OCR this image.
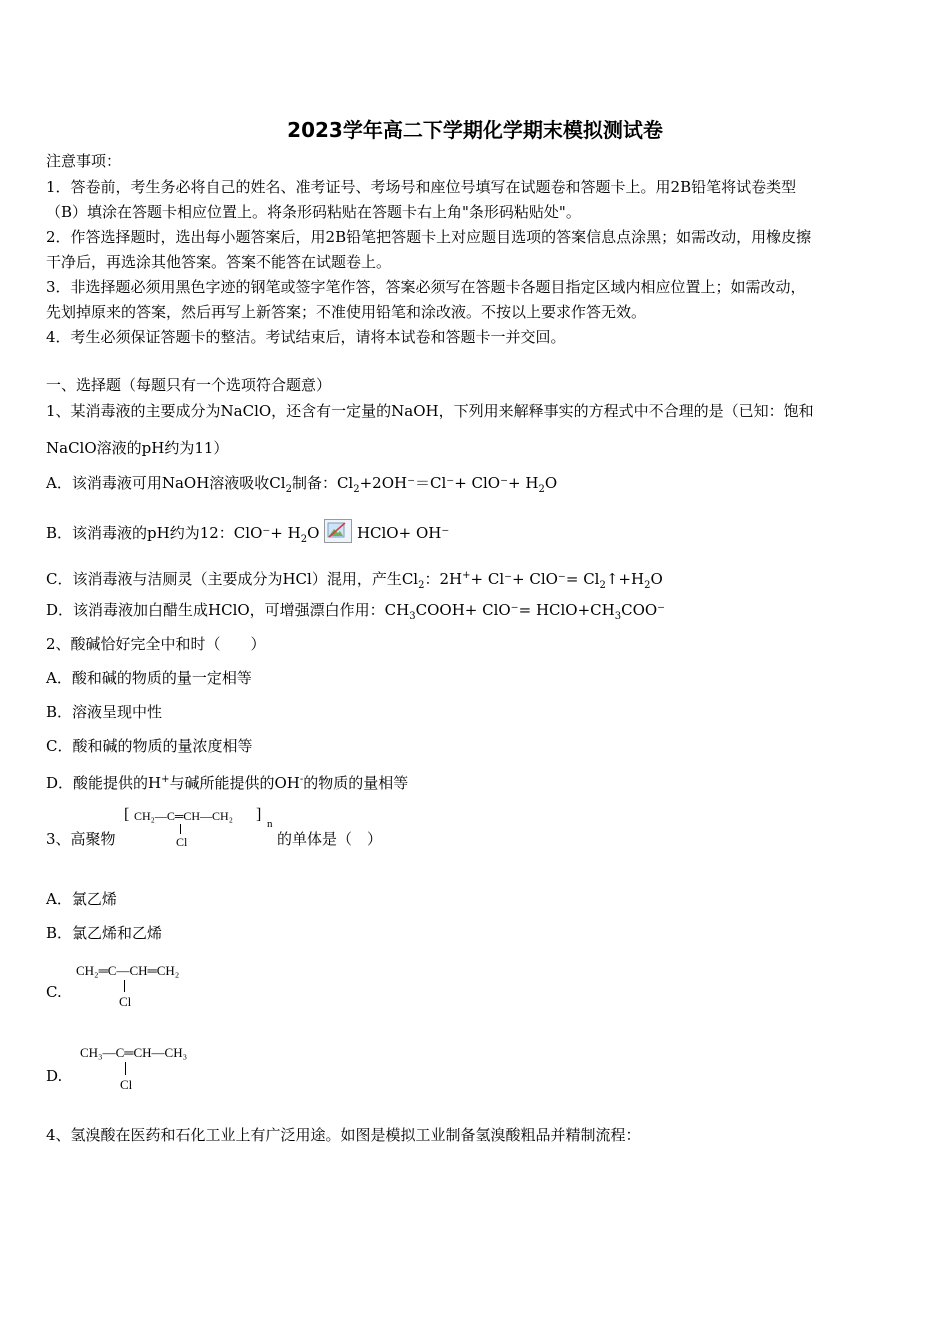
2023学年高二下学期化学期末模拟测试卷
注意事项：
1．答卷前，考生务必将自己的姓名、准考证号、考场号和座位号填写在试题卷和答题卡上。用2B铅笔将试卷类型
（B）填涂在答题卡相应位置上。将条形码粘贴在答题卡右上角"条形码粘贴处"。
2．作答选择题时，选出每小题答案后，用2B铅笔把答题卡上对应题目选项的答案信息点涂黑；如需改动，用橡皮擦
干净后，再选涂其他答案。答案不能答在试题卷上。
3．非选择题必须用黑色字迹的钢笔或签字笔作答，答案必须写在答题卡各题目指定区域内相应位置上；如需改动，
先划掉原来的答案，然后再写上新答案；不准使用铅笔和涂改液。不按以上要求作答无效。
4．考生必须保证答题卡的整洁。考试结束后，请将本试卷和答题卡一并交回。
一、选择题（每题只有一个选项符合题意）
1、某消毒液的主要成分为NaClO，还含有一定量的NaOH，下列用来解释事实的方程式中不合理的是（已知：饱和
NaClO溶液的pH约为11）
A．该消毒液可用NaOH溶液吸收$Cl_2$制备：$Cl_2+2OH^-=Cl^-+ ClO^-+ H_2O$
B．该消毒液的pH约为12：$ClO^-+ H_2O$	HClO+ OH⁻
C．该消毒液与洁厕灵（主要成分为HCl）混用，产生$Cl_2$：$2H^++ Cl^-+ ClO^-= Cl_2↑+H_2O$
D．该消毒液加白醋生成HClO，可增强漂白作用：$CH_3COOH+ ClO^-=$ $HClO+CH_3COO^-$
2、酸碱恰好完全中和时（　　）
A．酸和碱的物质的量一定相等
B．溶液呈现中性
C．酸和碱的物质的量浓度相等
D．酸能提供的H+与碱所能提供的OH-的物质的量相等
3、高聚物
[ CH₂—C═CH—CH₂ ]
n
Cl	的单体是（　）
A．氯乙烯
B．氯乙烯和乙烯
C.
CH₂═C—CH═CH₂
Cl
D.
CH₃—C═CH—CH₃
Cl
4、氢溴酸在医药和石化工业上有广泛用途。如图是模拟工业制备氢溴酸粗品并精制流程：
